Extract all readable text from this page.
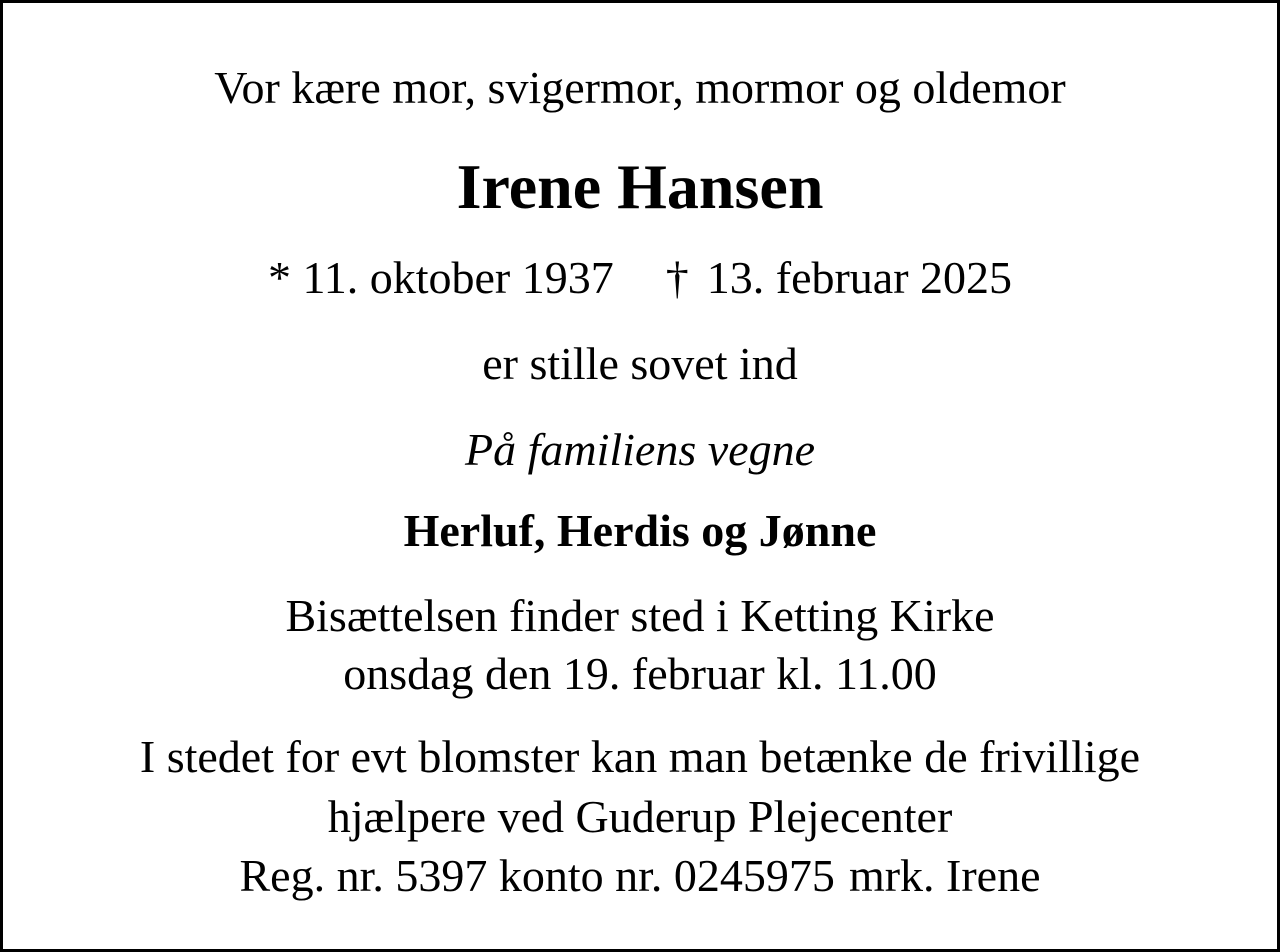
Vor kære mor, svigermor, mormor og oldemor
Irene Hansen
* 11. oktober 1937 † 13. februar 2025
er stille sovet ind
På familiens vegne
Herluf, Herdis og Jønne
Bisættelsen finder sted i Ketting Kirke
onsdag den 19. februar kl. 11.00
I stedet for evt blomster kan man betænke de frivillige
hjælpere ved Guderup Plejecenter
Reg. nr. 5397 konto nr. 0245975 mrk. Irene
